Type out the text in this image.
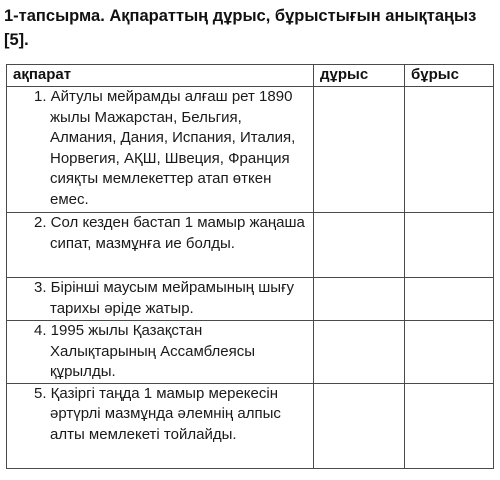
1-тапсырма. Ақпараттың дұрыс, бұрыстығын анықтаңыз [5].
ақпарат	дұрыс	бұрыс

1. Айтулы мейрамды алғаш рет 1890 жылы Мажарстан, Бельгия, Алмания, Дания, Испания, Италия, Норвегия, АҚШ, Швеция, Франция сияқты мемлекеттер атап өткен емес.		

2. Сол кезден бастап 1 мамыр жаңаша сипат, мазмұнға ие болды.		

3. Бірінші маусым мейрамының шығу тарихы әріде жатыр.		

4. 1995 жылы Қазақстан Халықтарының Ассамблеясы құрылды.		

5. Қазіргі таңда 1 мамыр мерекесін әртүрлі мазмұнда әлемнің алпыс алты мемлекеті тойлайды.		
